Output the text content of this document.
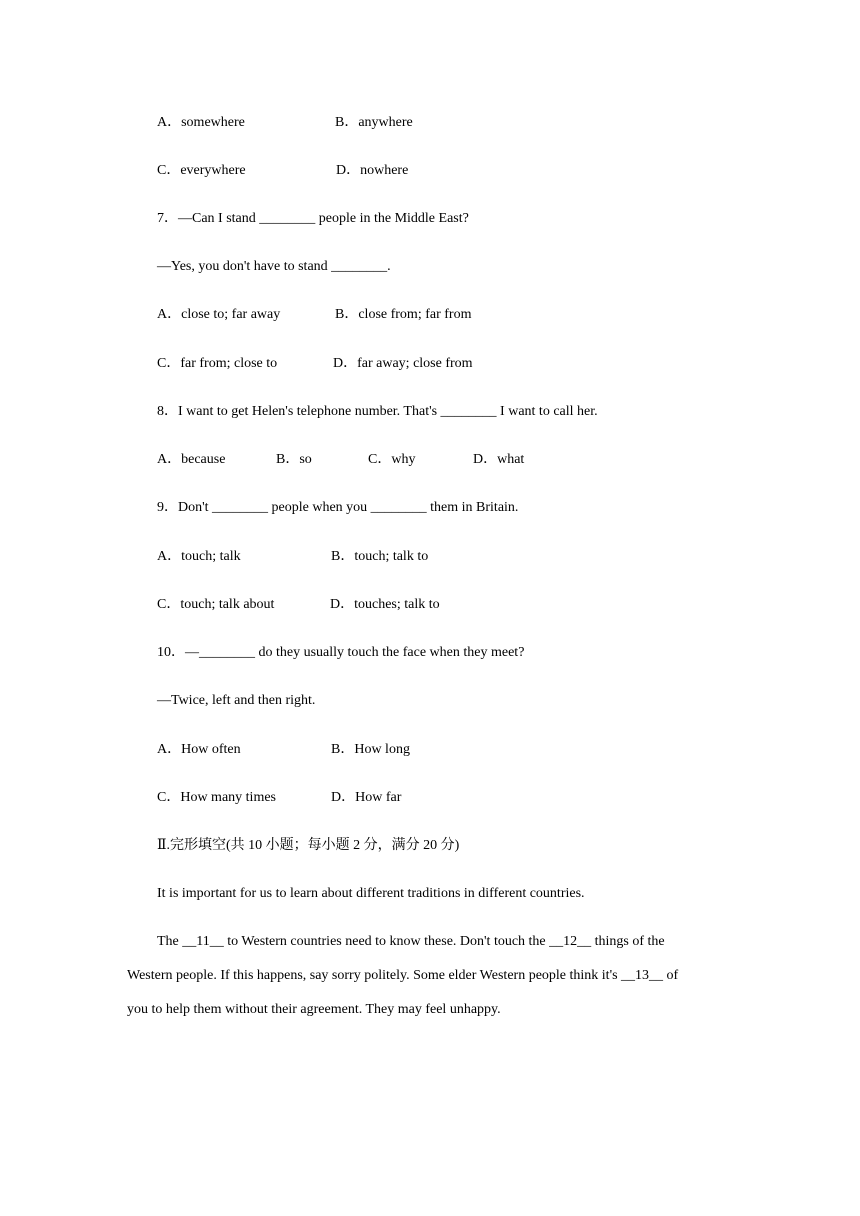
A．somewhere	B．anywhere
C．everywhere	D．nowhere
7．—Can I stand ________ people in the Middle East?
—Yes, you don't have to stand ________.
A．close to; far away	B．close from; far from
C．far from; close to	D．far away; close from
8．I want to get Helen's telephone number. That's ________ I want to call her.
A．because	B．so	C．why	D．what
9．Don't ________ people when you ________ them in Britain.
A．touch; talk	B．touch; talk to
C．touch; talk about	D．touches; talk to
10．—________ do they usually touch the face when they meet?
—Twice, left and then right.
A．How often	B．How long
C．How many times	D．How far
Ⅱ.完形填空(共 10 小题；每小题 2 分，满分 20 分)
It is important for us to learn about different traditions in different countries.
The __11__ to Western countries need to know these. Don't touch the __12__ things of the
Western people. If this happens, say sorry politely. Some elder Western people think it's __13__ of
you to help them without their agreement. They may feel unhappy.
